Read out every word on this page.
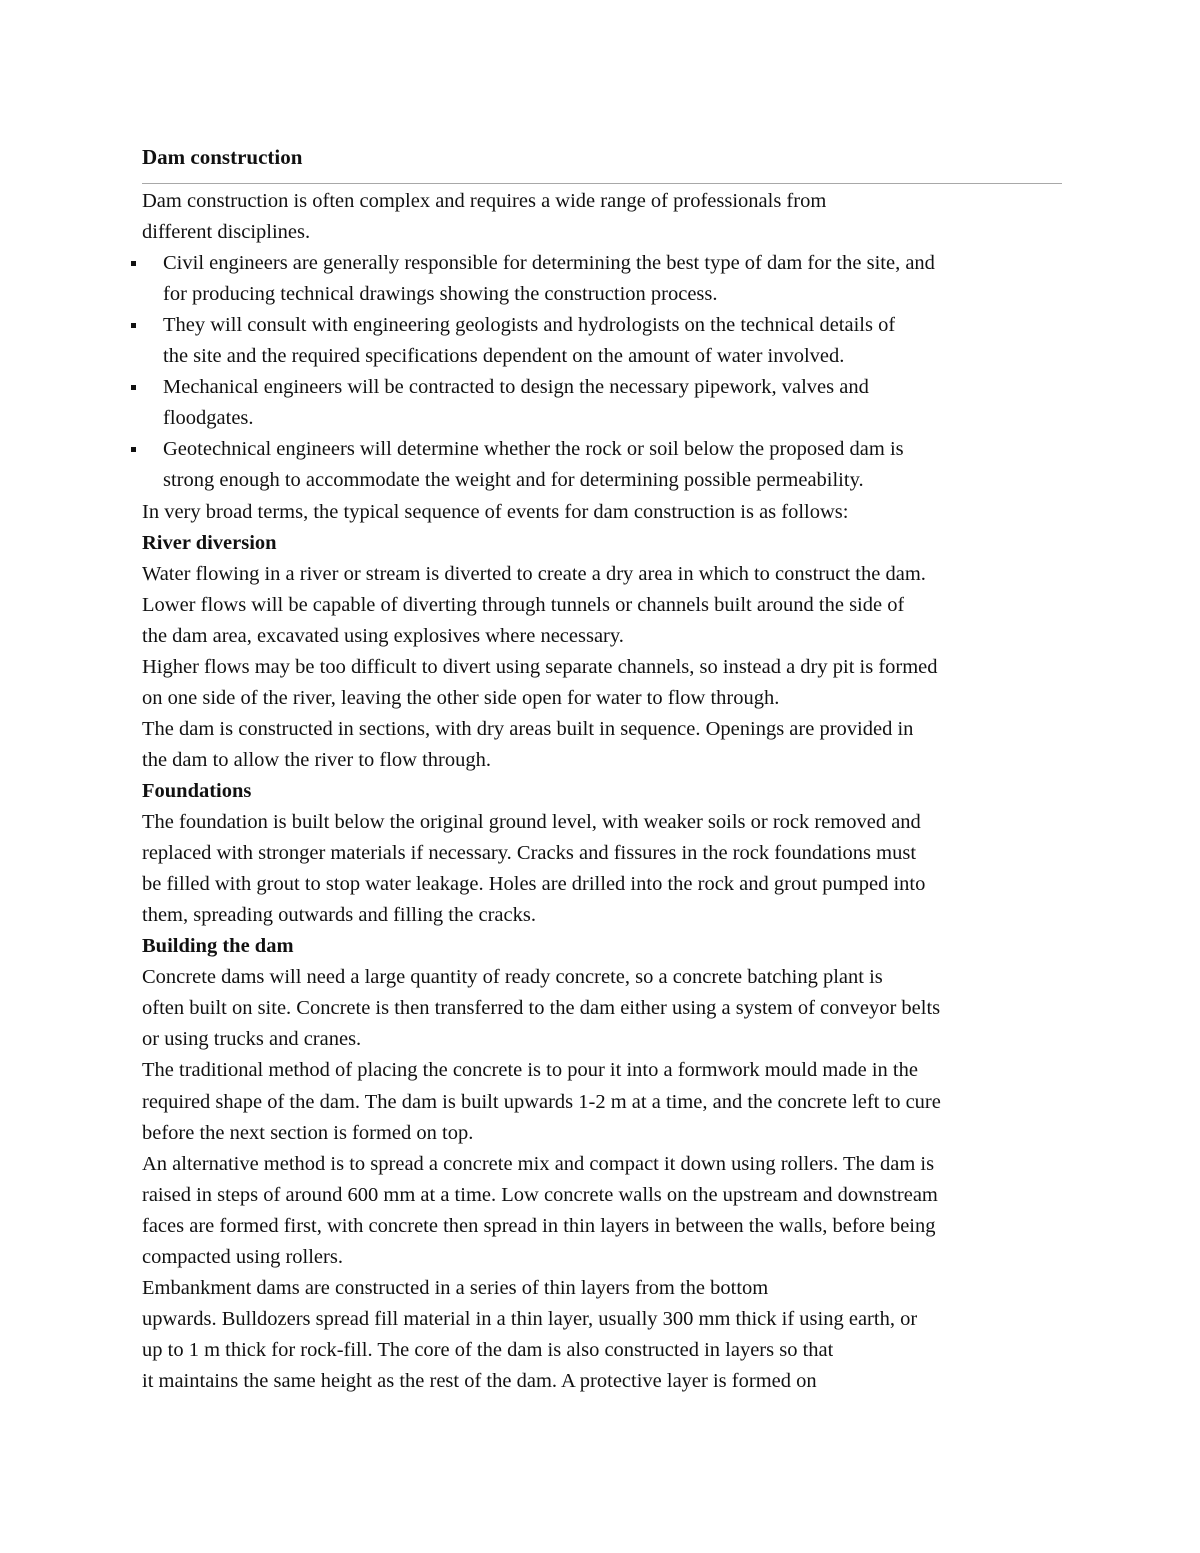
Dam construction
Dam construction is often complex and requires a wide range of professionals from
different disciplines.
Civil engineers are generally responsible for determining the best type of dam for the site, and
for producing technical drawings showing the construction process.
They will consult with engineering geologists and hydrologists on the technical details of
the site and the required specifications dependent on the amount of water involved.
Mechanical engineers will be contracted to design the necessary pipework, valves and
floodgates.
Geotechnical engineers will determine whether the rock or soil below the proposed dam is
strong enough to accommodate the weight and for determining possible permeability.
In very broad terms, the typical sequence of events for dam construction is as follows:
River diversion
Water flowing in a river or stream is diverted to create a dry area in which to construct the dam.
Lower flows will be capable of diverting through tunnels or channels built around the side of
the dam area, excavated using explosives where necessary.
Higher flows may be too difficult to divert using separate channels, so instead a dry pit is formed
on one side of the river, leaving the other side open for water to flow through.
The dam is constructed in sections, with dry areas built in sequence. Openings are provided in
the dam to allow the river to flow through.
Foundations
The foundation is built below the original ground level, with weaker soils or rock removed and
replaced with stronger materials if necessary. Cracks and fissures in the rock foundations must
be filled with grout to stop water leakage. Holes are drilled into the rock and grout pumped into
them, spreading outwards and filling the cracks.
Building the dam
Concrete dams will need a large quantity of ready concrete, so a concrete batching plant is
often built on site. Concrete is then transferred to the dam either using a system of conveyor belts
or using trucks and cranes.
The traditional method of placing the concrete is to pour it into a formwork mould made in the
required shape of the dam. The dam is built upwards 1-2 m at a time, and the concrete left to cure
before the next section is formed on top.
An alternative method is to spread a concrete mix and compact it down using rollers. The dam is
raised in steps of around 600 mm at a time. Low concrete walls on the upstream and downstream
faces are formed first, with concrete then spread in thin layers in between the walls, before being
compacted using rollers.
Embankment dams are constructed in a series of thin layers from the bottom
upwards. Bulldozers spread fill material in a thin layer, usually 300 mm thick if using earth, or
up to 1 m thick for rock-fill. The core of the dam is also constructed in layers so that
it maintains the same height as the rest of the dam. A protective layer is formed on
